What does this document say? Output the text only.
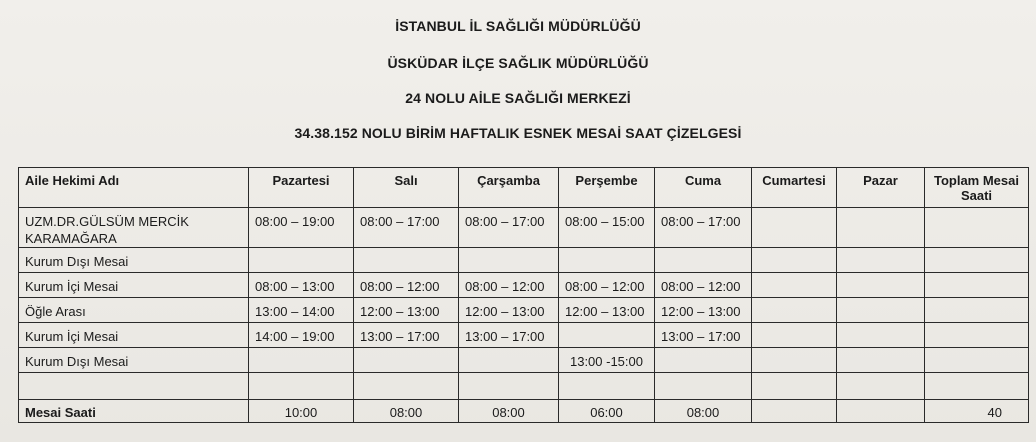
İSTANBUL İL SAĞLIĞI MÜDÜRLÜĞÜ
ÜSKÜDAR İLÇE SAĞLIK MÜDÜRLÜĞÜ
24 NOLU AİLE SAĞLIĞI MERKEZİ
34.38.152 NOLU BİRİM HAFTALIK ESNEK MESAİ SAAT ÇİZELGESİ
Aile Hekimi Adı	Pazartesi	Salı	Çarşamba	Perşembe	Cuma	Cumartesi	Pazar	Toplam Mesai Saati
UZM.DR.GÜLSÜM MERCİK KARAMAĞARA	08:00 – 19:00	08:00 – 17:00	08:00 – 17:00	08:00 – 15:00	08:00 – 17:00			
Kurum Dışı Mesai								
Kurum İçi Mesai	08:00 – 13:00	08:00 – 12:00	08:00 – 12:00	08:00 – 12:00	08:00 – 12:00			
Öğle Arası	13:00 – 14:00	12:00 – 13:00	12:00 – 13:00	12:00 – 13:00	12:00 – 13:00			
Kurum İçi Mesai	14:00 – 19:00	13:00 – 17:00	13:00 – 17:00		13:00 – 17:00			
Kurum Dışı Mesai				13:00 -15:00				

Mesai Saati	10:00	08:00	08:00	06:00	08:00			40
